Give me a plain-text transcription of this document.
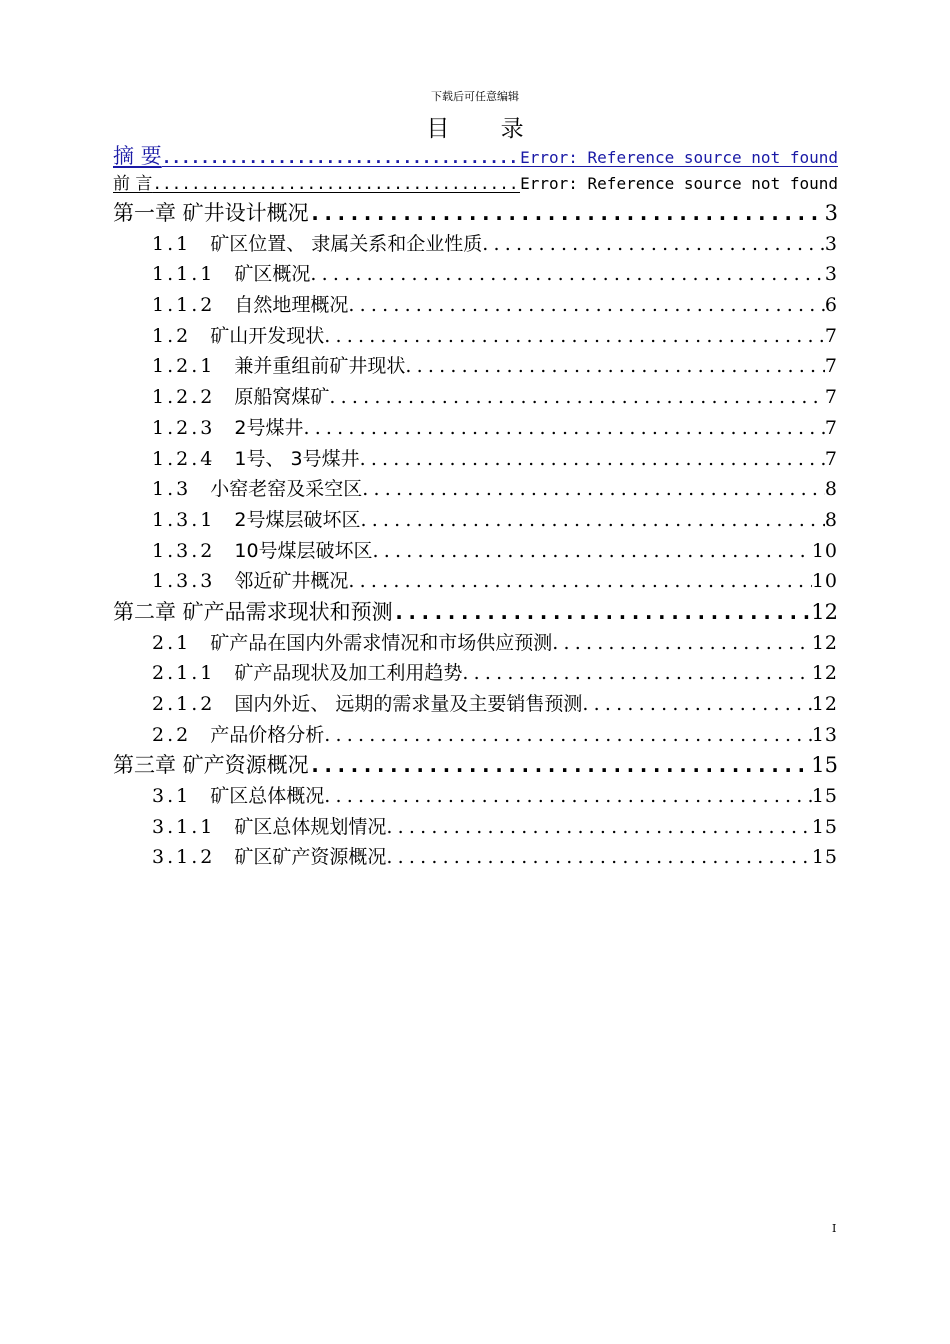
下载后可任意编辑
目 录
摘 要 .....	Error: Reference source not found
前 言 .....	Error: Reference source not found
第一章 矿井设计概况 .....	3
1.1  矿区位置、 隶属关系和企业性质 .....	3
1.1.1  矿区概况 .....	3
1.1.2  自然地理概况 .....	6
1.2  矿山开发现状 .....	7
1.2.1  兼并重组前矿井现状 .....	7
1.2.2  原船窝煤矿 .....	7
1.2.3  2号煤井 .....	7
1.2.4  1号、 3号煤井 .....	7
1.3  小窑老窑及采空区 .....	8
1.3.1  2号煤层破坏区 .....	8
1.3.2  10号煤层破坏区 .....	10
1.3.3  邻近矿井概况 .....	10
第二章 矿产品需求现状和预测 .....	12
2.1  矿产品在国内外需求情况和市场供应预测 .....	12
2.1.1  矿产品现状及加工利用趋势 .....	12
2.1.2  国内外近、 远期的需求量及主要销售预测 .....	12
2.2  产品价格分析 .....	13
第三章 矿产资源概况 .....	15
3.1  矿区总体概况 .....	15
3.1.1  矿区总体规划情况 .....	15
3.1.2  矿区矿产资源概况 .....	15
I
